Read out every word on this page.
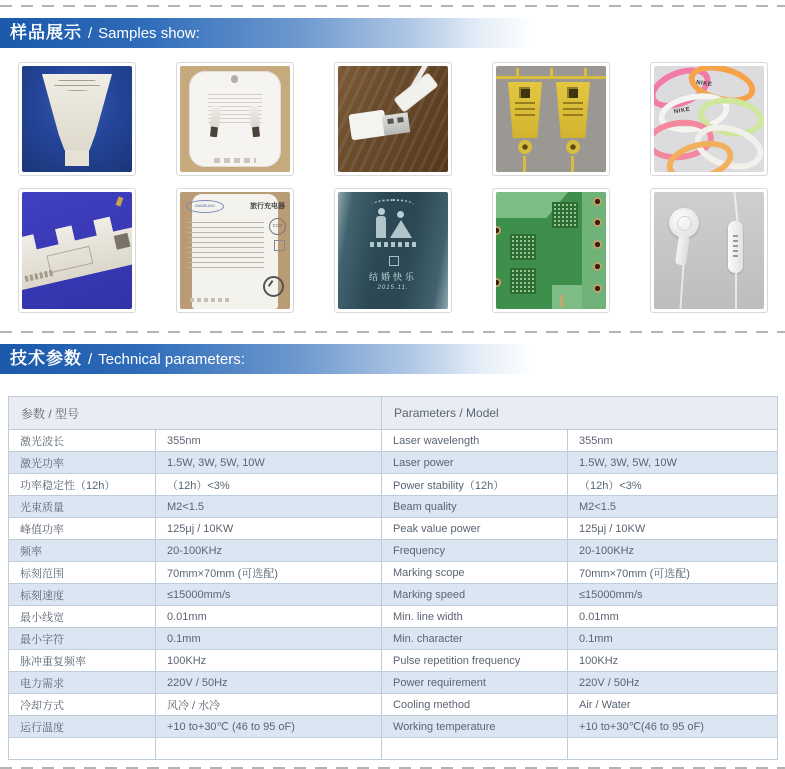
样品展示 / Samples show:
NIKE
NIKE
SAMSUNG	旅行充电器
CCC
结婚快乐
2015.11.
技术参数 / Technical parameters:
参数 / 型号		Parameters / Model	
激光波长	355nm	Laser wavelength	355nm
激光功率	1.5W, 3W, 5W, 10W	Laser power	1.5W, 3W, 5W, 10W
功率稳定性（12h）	（12h）<3%	Power stability（12h）	（12h）<3%
光束质量	M2<1.5	Beam quality	M2<1.5
峰值功率	125μj / 10KW	Peak value power	125μj / 10KW
频率	20-100KHz	Frequency	20-100KHz
标刻范围	70mm×70mm (可选配)	Marking scope	70mm×70mm (可选配)
标刻速度	≤15000mm/s	Marking speed	≤15000mm/s
最小线宽	0.01mm	Min. line width	0.01mm
最小字符	0.1mm	Min. character	0.1mm
脉冲重复频率	100KHz	Pulse repetition frequency	100KHz
电力需求	220V / 50Hz	Power requirement	220V / 50Hz
冷却方式	风冷 / 水冷	Cooling method	Air / Water
运行温度	+10 to+30℃ (46 to 95 oF)	Working temperature	+10 to+30℃(46 to 95 oF)
